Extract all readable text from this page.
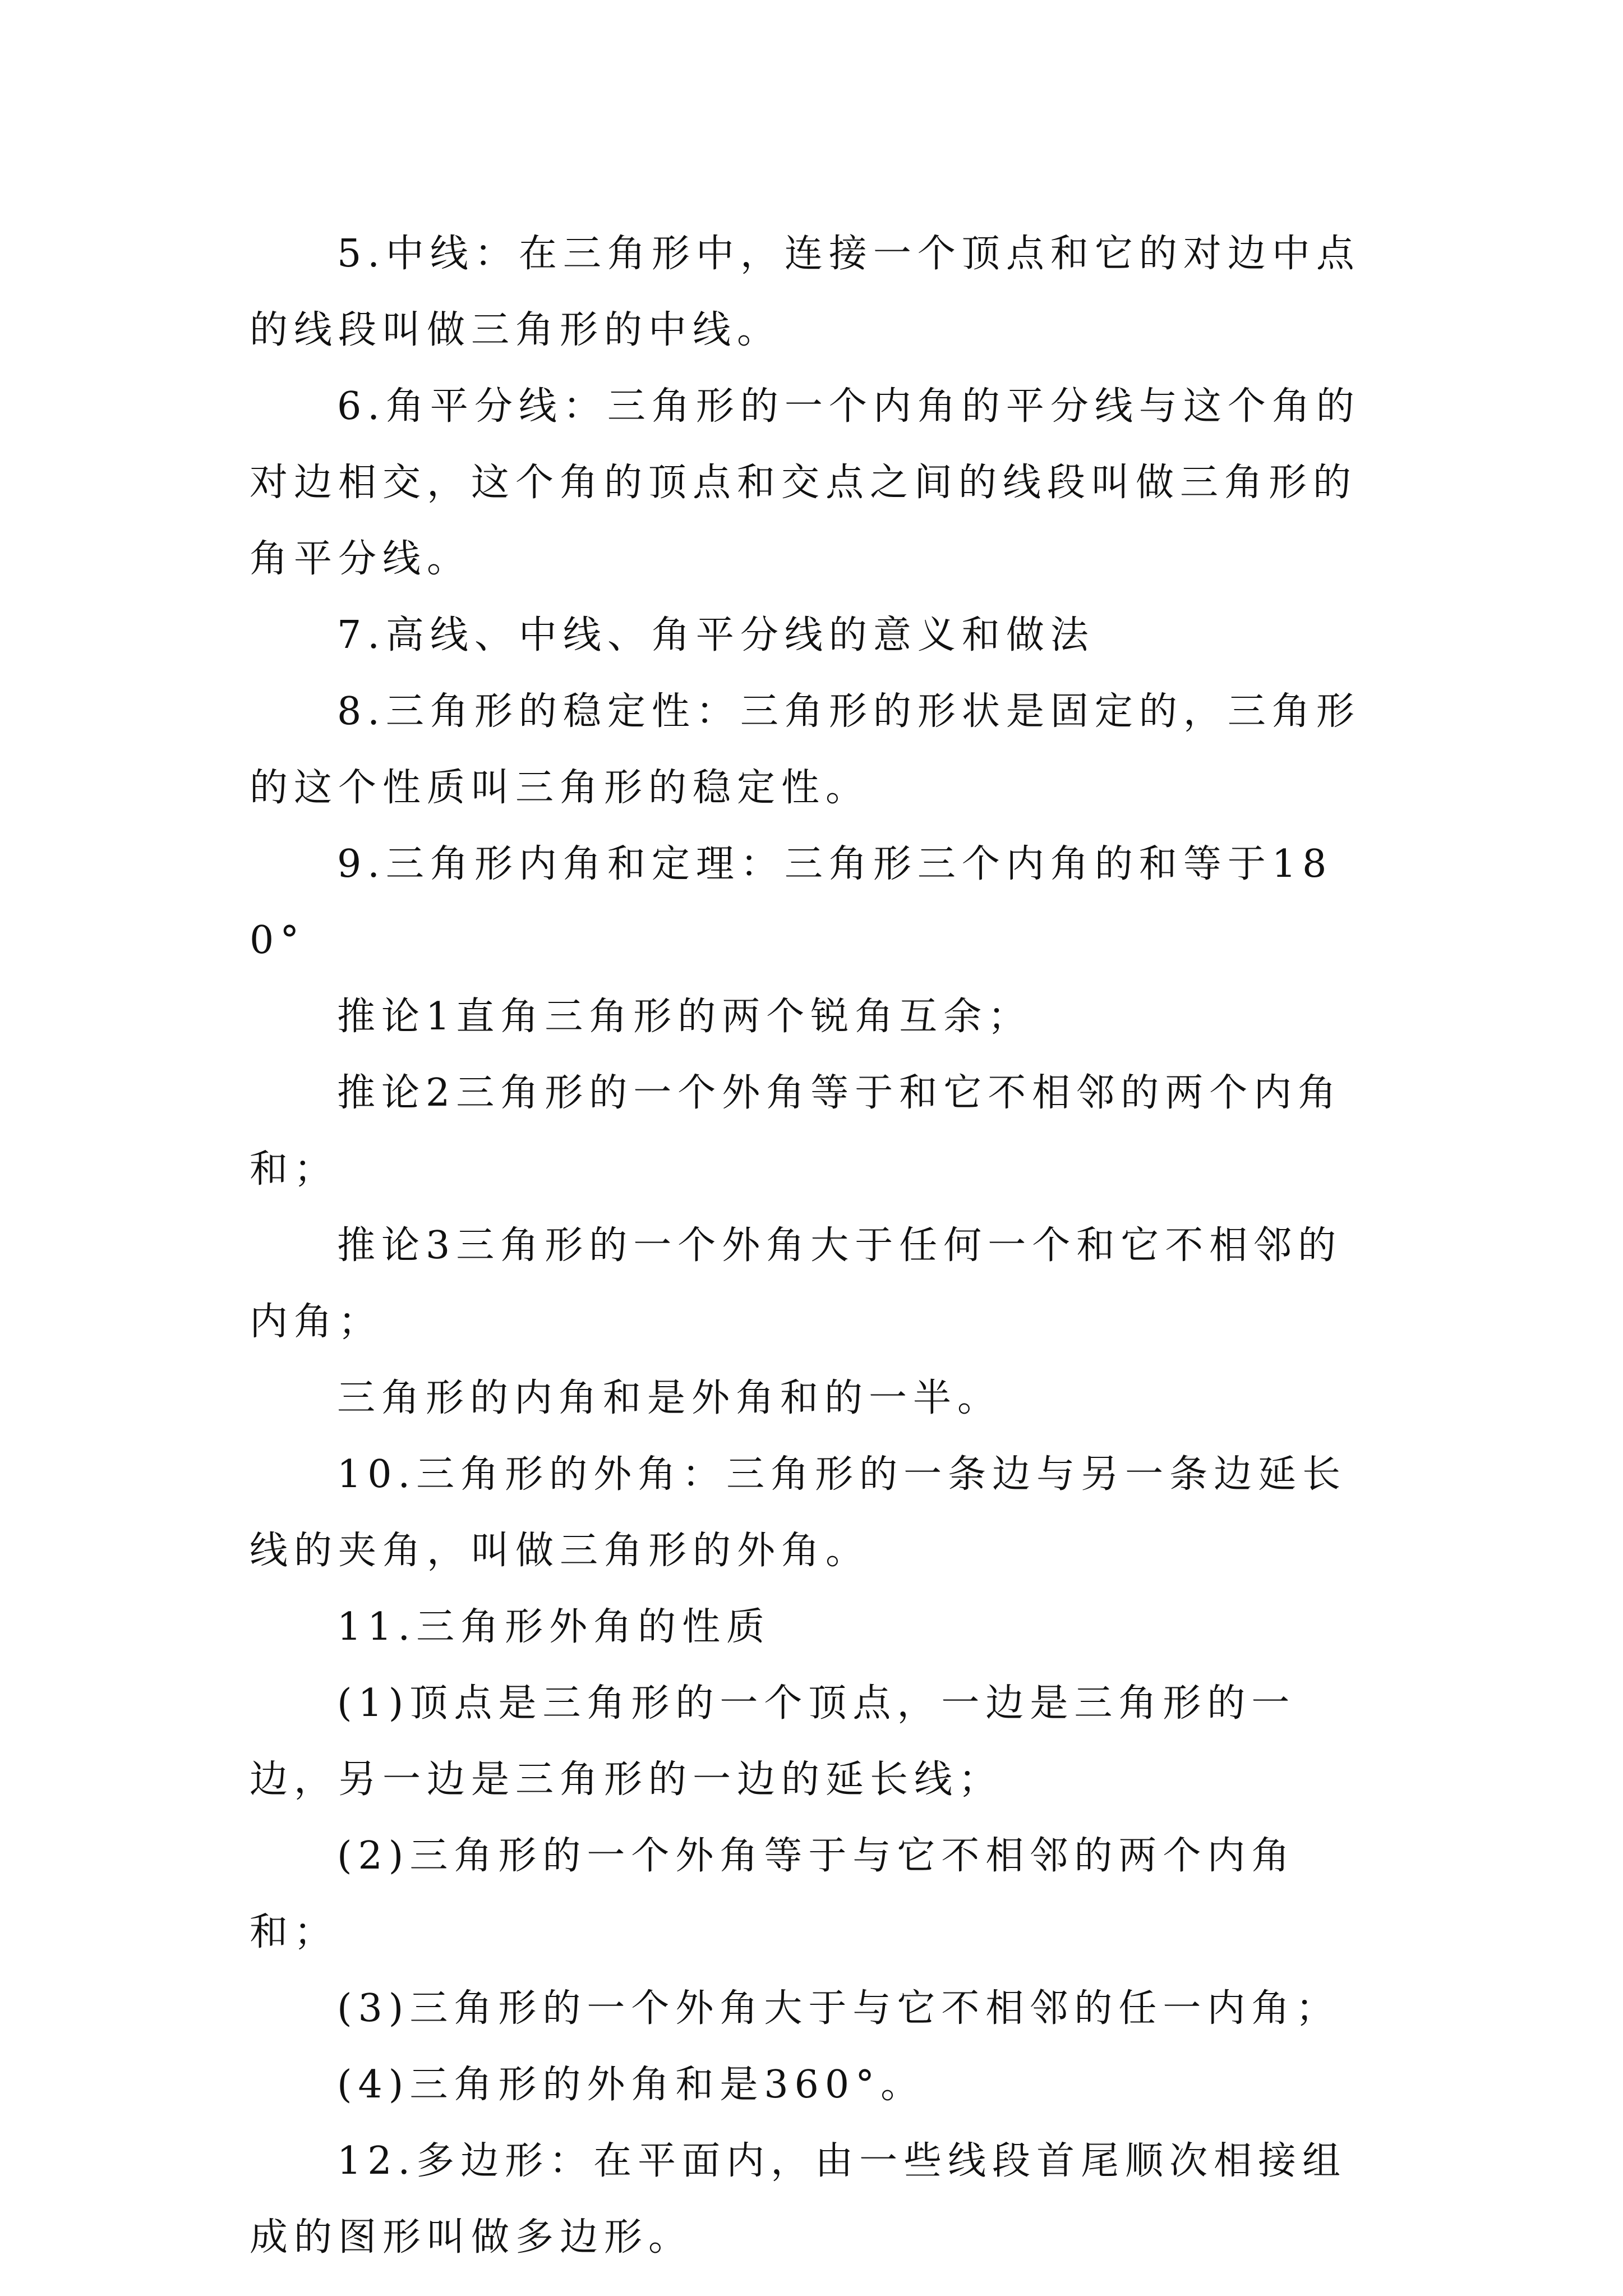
5.中线：在三角形中，连接一个顶点和它的对边中点的线段叫做三角形的中线。

6.角平分线：三角形的一个内角的平分线与这个角的对边相交，这个角的顶点和交点之间的线段叫做三角形的角平分线。

7.高线、中线、角平分线的意义和做法

8.三角形的稳定性：三角形的形状是固定的，三角形的这个性质叫三角形的稳定性。

9.三角形内角和定理：三角形三个内角的和等于180°

推论1直角三角形的两个锐角互余；

推论2三角形的一个外角等于和它不相邻的两个内角和；

推论3三角形的一个外角大于任何一个和它不相邻的内角；

三角形的内角和是外角和的一半。

10.三角形的外角：三角形的一条边与另一条边延长线的夹角，叫做三角形的外角。

11.三角形外角的性质

(1)顶点是三角形的一个顶点，一边是三角形的一边，另一边是三角形的一边的延长线；

(2)三角形的一个外角等于与它不相邻的两个内角和；

(3)三角形的一个外角大于与它不相邻的任一内角；

(4)三角形的外角和是360°。

12.多边形：在平面内，由一些线段首尾顺次相接组成的图形叫做多边形。
